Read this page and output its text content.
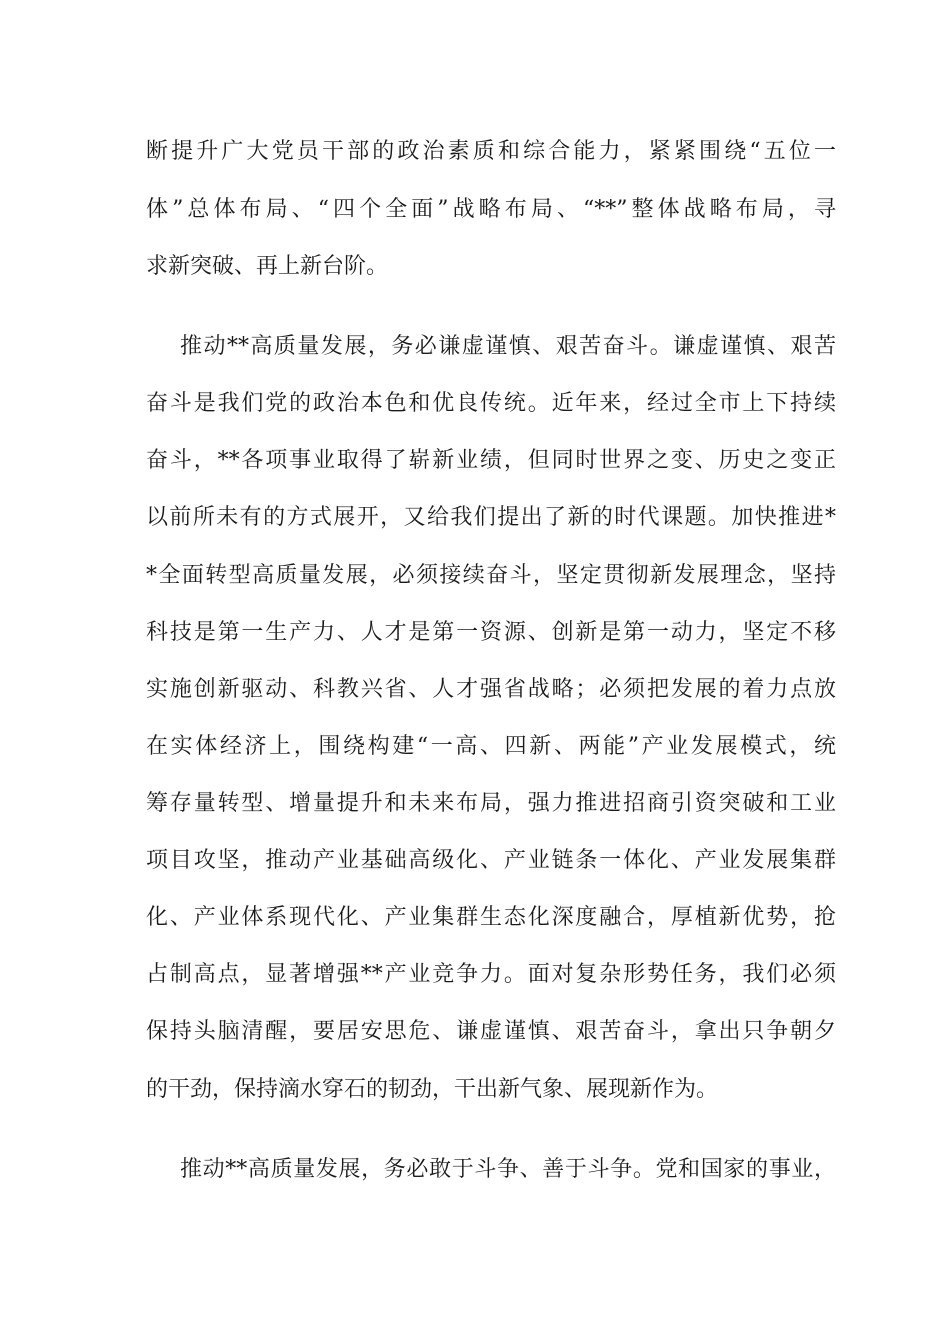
断提升广大党员干部的政治素质和综合能力，紧紧围绕“五位一
体”总体布局、“四个全面”战略布局、“**”整体战略布局，寻
求新突破、再上新台阶。
推动**高质量发展，务必谦虚谨慎、艰苦奋斗。谦虚谨慎、艰苦
奋斗是我们党的政治本色和优良传统。近年来，经过全市上下持续
奋斗，**各项事业取得了崭新业绩，但同时世界之变、历史之变正
以前所未有的方式展开，又给我们提出了新的时代课题。加快推进*
*全面转型高质量发展，必须接续奋斗，坚定贯彻新发展理念，坚持
科技是第一生产力、人才是第一资源、创新是第一动力，坚定不移
实施创新驱动、科教兴省、人才强省战略；必须把发展的着力点放
在实体经济上，围绕构建“一高、四新、两能”产业发展模式，统
筹存量转型、增量提升和未来布局，强力推进招商引资突破和工业
项目攻坚，推动产业基础高级化、产业链条一体化、产业发展集群
化、产业体系现代化、产业集群生态化深度融合，厚植新优势，抢
占制高点，显著增强**产业竞争力。面对复杂形势任务，我们必须
保持头脑清醒，要居安思危、谦虚谨慎、艰苦奋斗，拿出只争朝夕
的干劲，保持滴水穿石的韧劲，干出新气象、展现新作为。
推动**高质量发展，务必敢于斗争、善于斗争。党和国家的事业，
